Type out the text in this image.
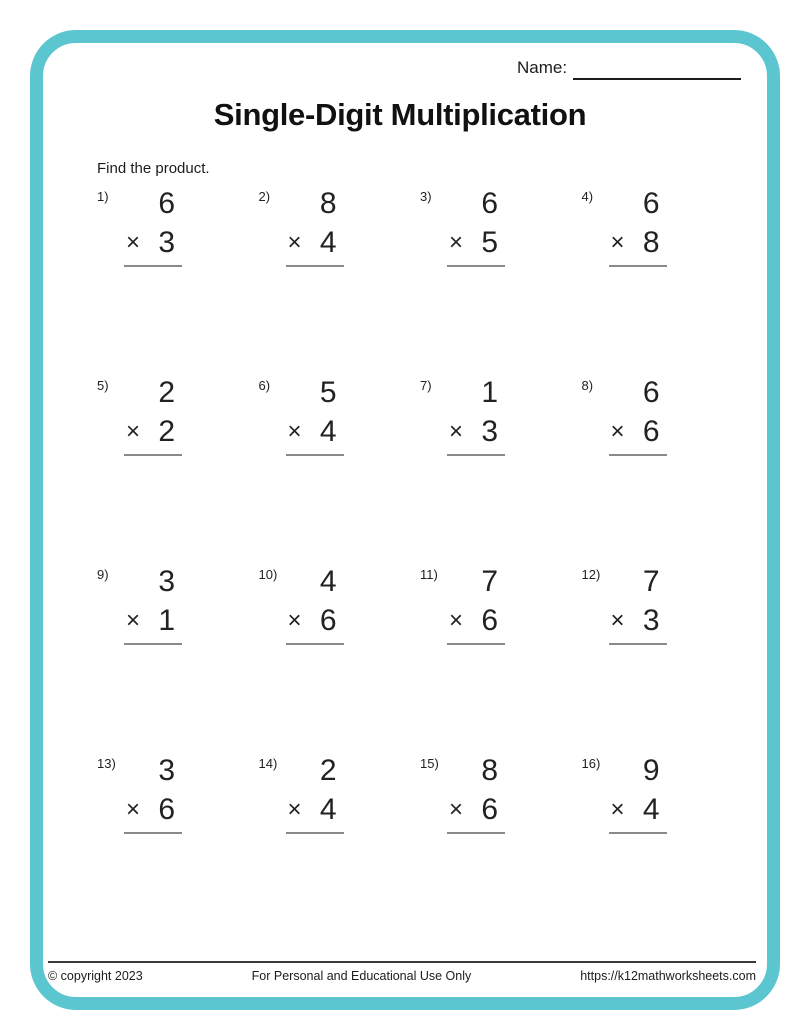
Name:
Single-Digit Multiplication
Find the product.
1)	6
× 3
2)	8
× 4
3)	6
× 5
4)	6
× 8
5)	2
× 2
6)	5
× 4
7)	1
× 3
8)	6
× 6
9)	3
× 1
10)	4
× 6
11)	7
× 6
12)	7
× 3
13)	3
× 6
14)	2
× 4
15)	8
× 6
16)	9
× 4
© copyright 2023	For Personal and Educational Use Only	https://k12mathworksheets.com
